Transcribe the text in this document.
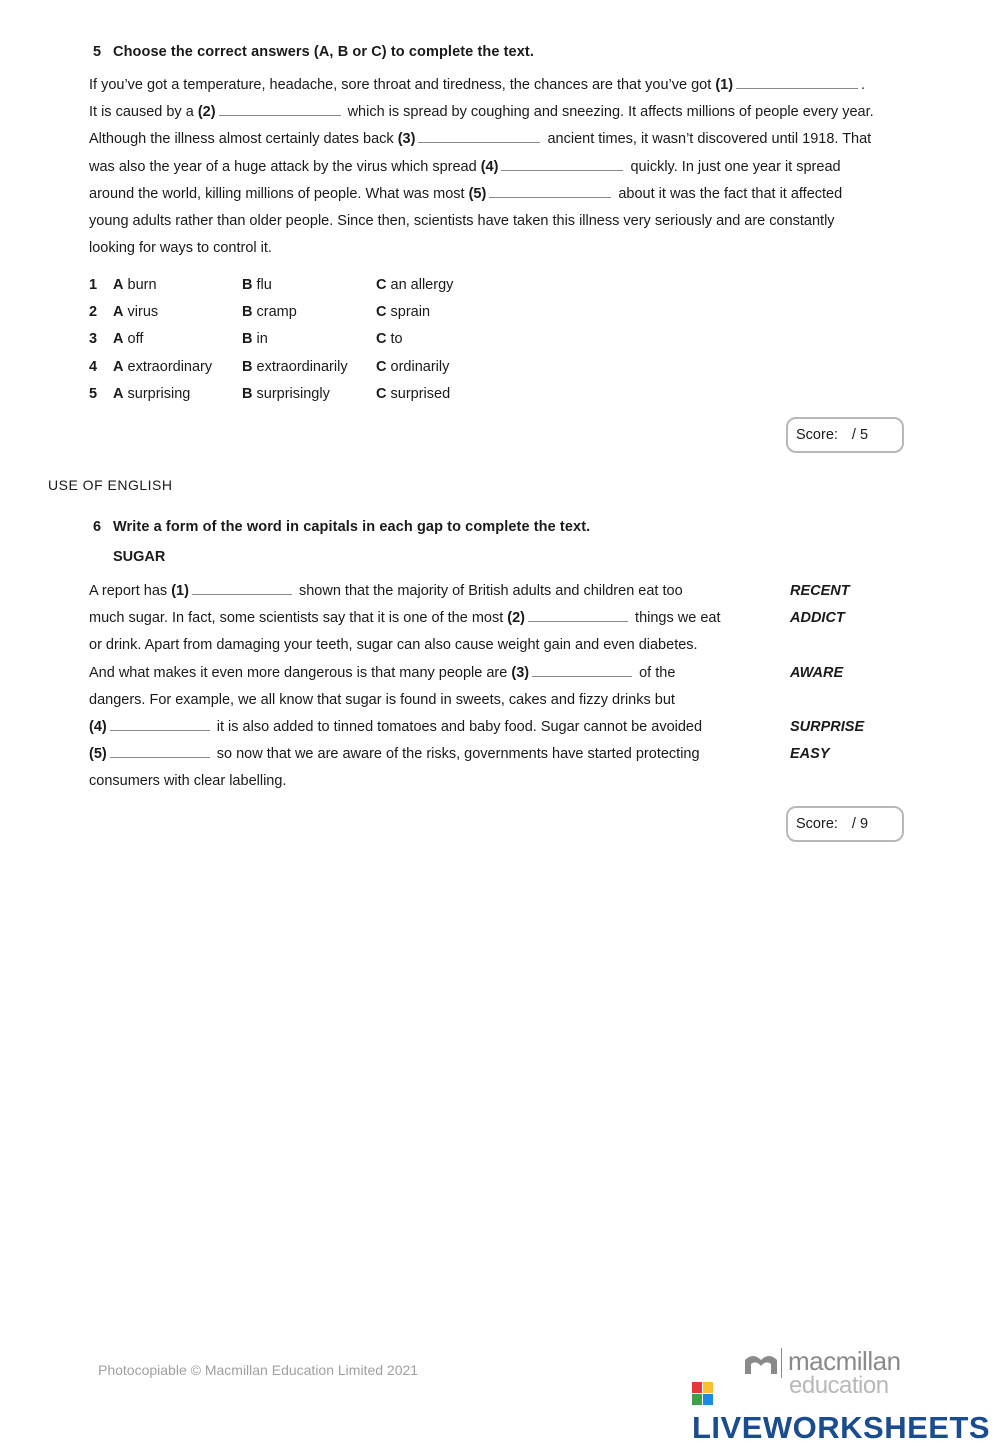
5 Choose the correct answers (A, B or C) to complete the text.
If you’ve got a temperature, headache, sore throat and tiredness, the chances are that you’ve got (1)	.
It is caused by a (2)	which is spread by coughing and sneezing. It affects millions of people every year.
Although the illness almost certainly dates back (3)	ancient times, it wasn’t discovered until 1918. That
was also the year of a huge attack by the virus which spread (4)	quickly. In just one year it spread
around the world, killing millions of people. What was most (5)	about it was the fact that it affected
young adults rather than older people. Since then, scientists have taken this illness very seriously and are constantly
looking for ways to control it.
1 A burn	B flu	C an allergy
2 A virus	B cramp	C sprain
3 A off	B in	C to
4 A extraordinary B extraordinarily C ordinarily
5 A surprising	B surprisingly	C surprised
Score: / 5
USE OF ENGLISH
6 Write a form of the word in capitals in each gap to complete the text.
SUGAR
A report has (1)	shown that the majority of British adults and children eat too
much sugar. In fact, some scientists say that it is one of the most (2)	things we eat
or drink. Apart from damaging your teeth, sugar can also cause weight gain and even diabetes.
And what makes it even more dangerous is that many people are (3)	of the
dangers. For example, we all know that sugar is found in sweets, cakes and fizzy drinks but
(4)	it is also added to tinned tomatoes and baby food. Sugar cannot be avoided
(5)	so now that we are aware of the risks, governments have started protecting
consumers with clear labelling.
RECENT
ADDICT
AWARE
SURPRISE
EASY
Score: / 9
Photocopiable © Macmillan Education Limited 2021	macmillan
education
LIVEWORKSHEETS
